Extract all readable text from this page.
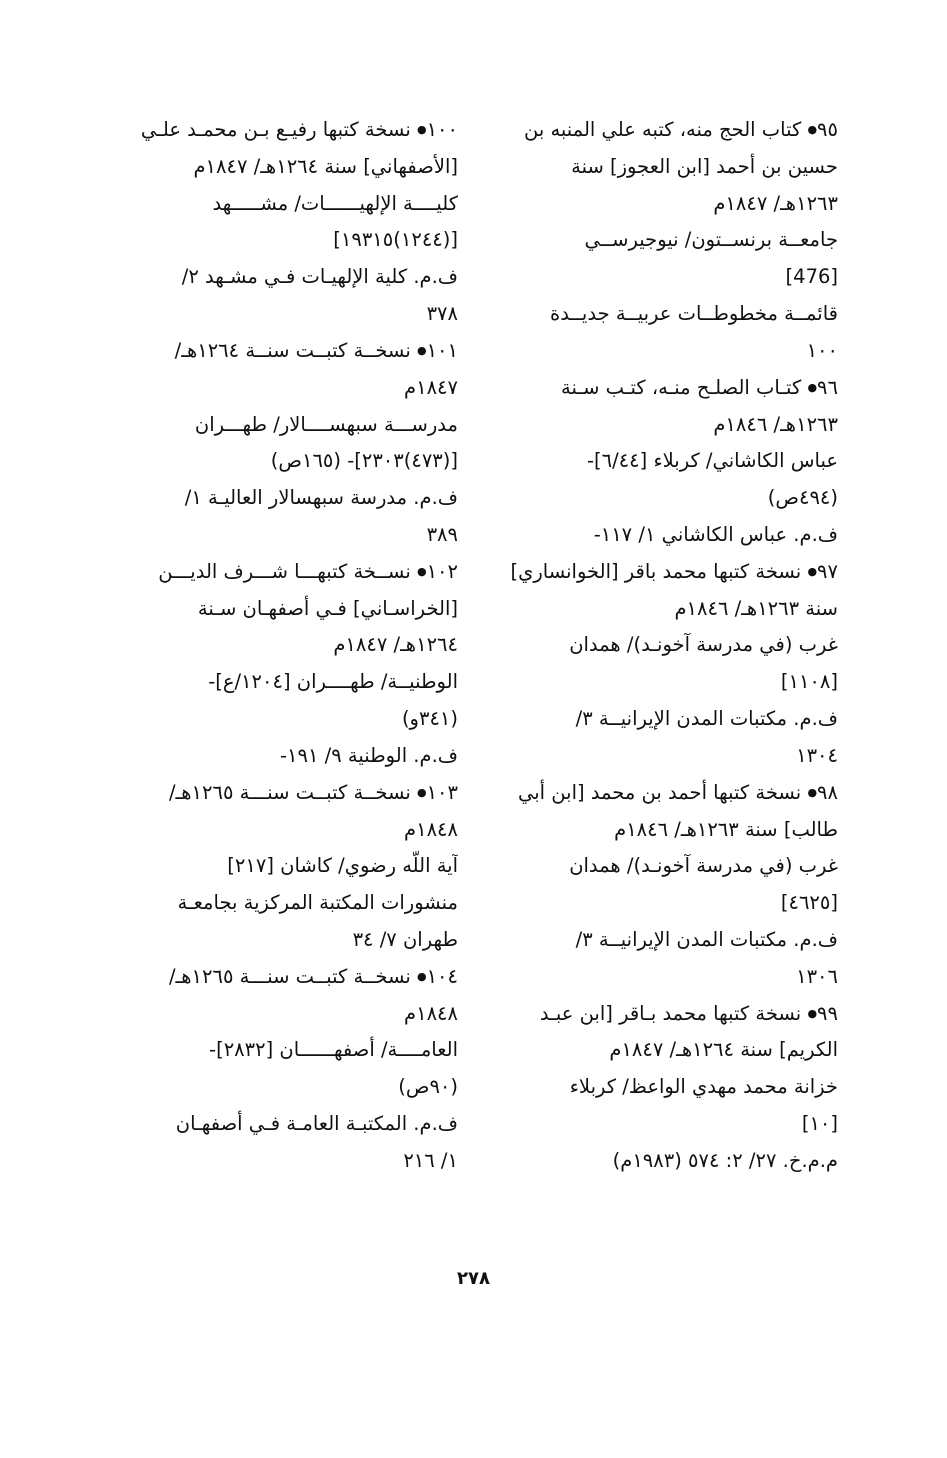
٩٥● كتاب الحج منه، كتبه علي المنبه بن
حسين بن أحمد [ابن العجوز] سنة
١٢٦٣هـ/ ١٨٤٧م
جامعــة برنســتون/ نيوجيرســي
[476]
قائمــة مخطوطــات عربيــة جديــدة
١٠٠
٩٦● كتـاب الصلـح منـه، كتـب سـنة
١٢٦٣هـ/ ١٨٤٦م
عباس الكاشاني/ كربلاء [٦/٤٤]-
(٤٩٤ص)
ف.م. عباس الكاشاني ١/ ١١٧-
٩٧● نسخة كتبها محمد باقر [الخوانساري]
سنة ١٢٦٣هـ/ ١٨٤٦م
غرب (في مدرسة آخونـد)/ همدان
[١١٠٨]
ف.م. مكتبات المدن الإيرانيــة ٣/
١٣٠٤
٩٨● نسخة كتبها أحمد بن محمد [ابن أبي
طالب] سنة ١٢٦٣هـ/ ١٨٤٦م
غرب (في مدرسة آخونـد)/ همدان
[٤٦٢٥]
ف.م. مكتبات المدن الإيرانيــة ٣/
١٣٠٦
٩٩● نسخة كتبها محمد بـاقر [ابن عبـد
الكريم] سنة ١٢٦٤هـ/ ١٨٤٧م
خزانة محمد مهدي الواعظ/ كربلاء
[١٠]
م.م.خ. ٢٧/ ٢: ٥٧٤ (١٩٨٣م)
١٠٠● نسخة كتبها رفيـع بـن محمـد علـي
[الأصفهاني] سنة ١٢٦٤هـ/ ١٨٤٧م
كليــــة الإلهيــــــات/ مشـــــهد
[(١٢٤٤)١٩٣١٥]
ف.م. كلية الإلهيـات فـي مشـهد ٢/
٣٧٨
١٠١● نسخــة كتبــت سنــة ١٢٦٤هـ/
١٨٤٧م
مدرســـة سبهســــالار/ طهـــران
[(٤٧٣)٢٣٠٣]- (١٦٥ص)
ف.م. مدرسة سبهسالار العاليـة ١/
٣٨٩
١٠٢● نســخة كتبهـــا شـــرف الديـــن
[الخراسـاني] فـي أصفهـان سـنة
١٢٦٤هـ/ ١٨٤٧م
الوطنيــة/ طهــــران [١٢٠٤/ع]-
(٣٤١و)
ف.م. الوطنية ٩/ ١٩١-
١٠٣● نسخــة كتبــت سنـــة ١٢٦٥هـ/
١٨٤٨م
آية اللّه رضوي/ كاشان [٢١٧]
منشورات المكتبة المركزية بجامعـة
طهران ٧/ ٣٤
١٠٤● نسخــة كتبــت سنـــة ١٢٦٥هـ/
١٨٤٨م
العامــــة/ أصفهــــــان [٢٨٣٢]-
(٩٠ص)
ف.م. المكتبـة العامـة فـي أصفهـان
١/ ٢١٦
٢٧٨
